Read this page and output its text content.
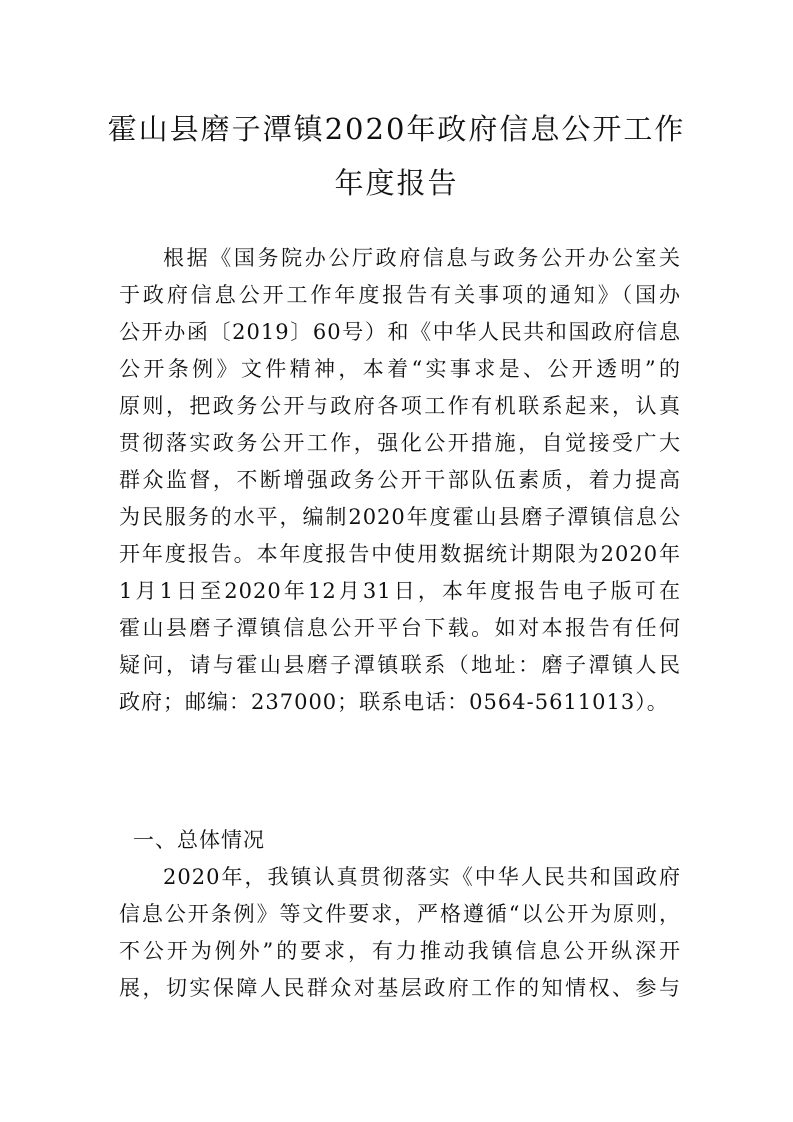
霍山县磨子潭镇2020年政府信息公开工作
年度报告
根据《国务院办公厅政府信息与政务公开办公室关
于政府信息公开工作年度报告有关事项的通知》（国办
公开办函〔2019〕60号）和《中华人民共和国政府信息
公开条例》文件精神，本着“实事求是、公开透明”的
原则，把政务公开与政府各项工作有机联系起来，认真
贯彻落实政务公开工作，强化公开措施，自觉接受广大
群众监督，不断增强政务公开干部队伍素质，着力提高
为民服务的水平，编制2020年度霍山县磨子潭镇信息公
开年度报告。本年度报告中使用数据统计期限为2020年
1月1日至2020年12月31日，本年度报告电子版可在
霍山县磨子潭镇信息公开平台下载。如对本报告有任何
疑问，请与霍山县磨子潭镇联系（地址：磨子潭镇人民
政府；邮编：237000；联系电话：0564-5611013）。
一、总体情况
2020年，我镇认真贯彻落实《中华人民共和国政府
信息公开条例》等文件要求，严格遵循“以公开为原则，
不公开为例外”的要求，有力推动我镇信息公开纵深开
展，切实保障人民群众对基层政府工作的知情权、参与
